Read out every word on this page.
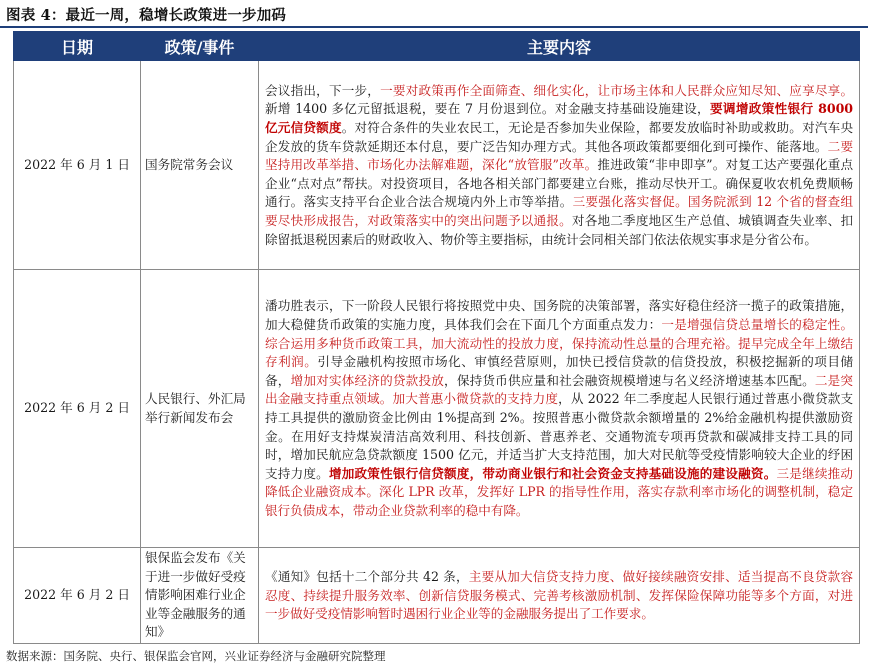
图表 4：最近一周，稳增长政策进一步加码
日期	政策/事件	主要内容
2022 年 6 月 1 日	国务院常务会议	会议指出，下一步，一要对政策再作全面筛查、细化实化，让市场主体和人民群众应知尽知、应享尽享。新增 1400 多亿元留抵退税，要在 7 月份退到位。对金融支持基础设施建设，要调增政策性银行 8000 亿元信贷额度。对符合条件的失业农民工，无论是否参加失业保险，都要发放临时补助或救助。对汽车央企发放的货车贷款延期还本付息，要广泛告知办理方式。其他各项政策都要细化到可操作、能落地。二要坚持用改革举措、市场化办法解难题，深化“放管服”改革。推进政策“非申即享”。对复工达产要强化重点企业“点对点”帮扶。对投资项目，各地各相关部门都要建立台账，推动尽快开工。确保夏收农机免费顺畅通行。落实支持平台企业合法合规境内外上市等举措。三要强化落实督促。国务院派到 12 个省的督查组要尽快形成报告，对政策落实中的突出问题予以通报。对各地二季度地区生产总值、城镇调查失业率、扣除留抵退税因素后的财政收入、物价等主要指标，由统计会同相关部门依法依规实事求是分省公布。
2022 年 6 月 2 日	人民银行、外汇局举行新闻发布会	潘功胜表示，下一阶段人民银行将按照党中央、国务院的决策部署，落实好稳住经济一揽子的政策措施，加大稳健货币政策的实施力度，具体我们会在下面几个方面重点发力：一是增强信贷总量增长的稳定性。综合运用多种货币政策工具，加大流动性的投放力度，保持流动性总量的合理充裕。提早完成全年上缴结存利润。引导金融机构按照市场化、审慎经营原则，加快已授信贷款的信贷投放，积极挖掘新的项目储备，增加对实体经济的贷款投放，保持货币供应量和社会融资规模增速与名义经济增速基本匹配。二是突出金融支持重点领域。加大普惠小微贷款的支持力度，从 2022 年二季度起人民银行通过普惠小微贷款支持工具提供的激励资金比例由 1%提高到 2%。按照普惠小微贷款余额增量的 2%给金融机构提供激励资金。在用好支持煤炭清洁高效利用、科技创新、普惠养老、交通物流专项再贷款和碳减排支持工具的同时，增加民航应急贷款额度 1500 亿元，并适当扩大支持范围，加大对民航等受疫情影响较大企业的纾困支持力度。增加政策性银行信贷额度，带动商业银行和社会资金支持基础设施的建设融资。三是继续推动降低企业融资成本。深化 LPR 改革，发挥好 LPR 的指导性作用，落实存款利率市场化的调整机制，稳定银行负债成本，带动企业贷款利率的稳中有降。
2022 年 6 月 2 日	银保监会发布《关于进一步做好受疫情影响困难行业企业等金融服务的通知》	《通知》包括十二个部分共 42 条，主要从加大信贷支持力度、做好接续融资安排、适当提高不良贷款容忍度、持续提升服务效率、创新信贷服务模式、完善考核激励机制、发挥保险保障功能等多个方面，对进一步做好受疫情影响暂时遇困行业企业等的金融服务提出了工作要求。
数据来源：国务院、央行、银保监会官网，兴业证券经济与金融研究院整理
